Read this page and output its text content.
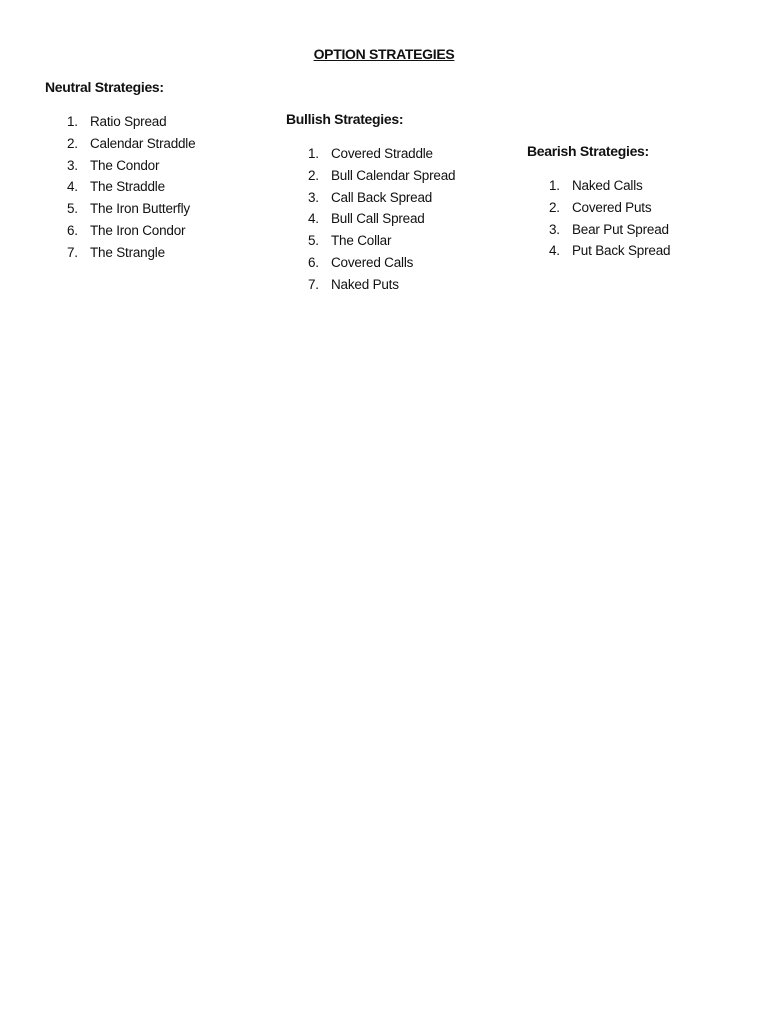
OPTION STRATEGIES
Neutral Strategies:
1. Ratio Spread
2. Calendar Straddle
3. The Condor
4. The Straddle
5. The Iron Butterfly
6. The Iron Condor
7. The Strangle
Bullish Strategies:
1. Covered Straddle
2. Bull Calendar Spread
3. Call Back Spread
4. Bull Call Spread
5. The Collar
6. Covered Calls
7. Naked Puts
Bearish Strategies:
1. Naked Calls
2. Covered Puts
3. Bear Put Spread
4. Put Back Spread
